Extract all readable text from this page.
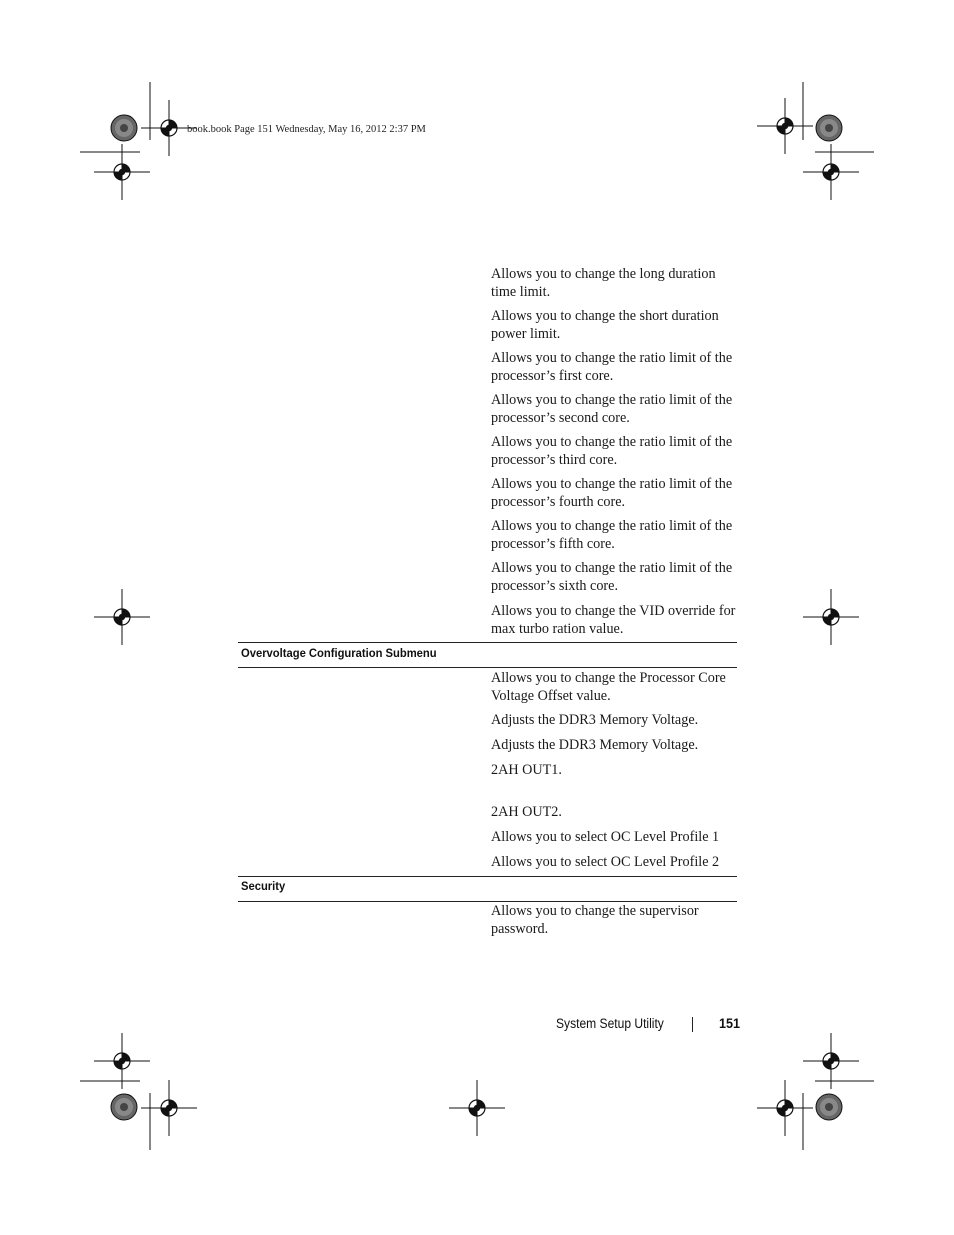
book.book Page 151 Wednesday, May 16, 2012 2:37 PM
Allows you to change the long duration time limit.
Allows you to change the short duration power limit.
Allows you to change the ratio limit of the processor’s first core.
Allows you to change the ratio limit of the processor’s second core.
Allows you to change the ratio limit of the processor’s third core.
Allows you to change the ratio limit of the processor’s fourth core.
Allows you to change the ratio limit of the processor’s fifth core.
Allows you to change the ratio limit of the processor’s sixth core.
Allows you to change the VID override for max turbo ration value.
Overvoltage Configuration Submenu
Allows you to change the Processor Core Voltage Offset value.
Adjusts the DDR3 Memory Voltage.
Adjusts the DDR3 Memory Voltage.
2AH OUT1.
2AH OUT2.
Allows you to select OC Level Profile 1
Allows you to select OC Level Profile 2
Security
Allows you to change the supervisor password.
System Setup Utility	151
